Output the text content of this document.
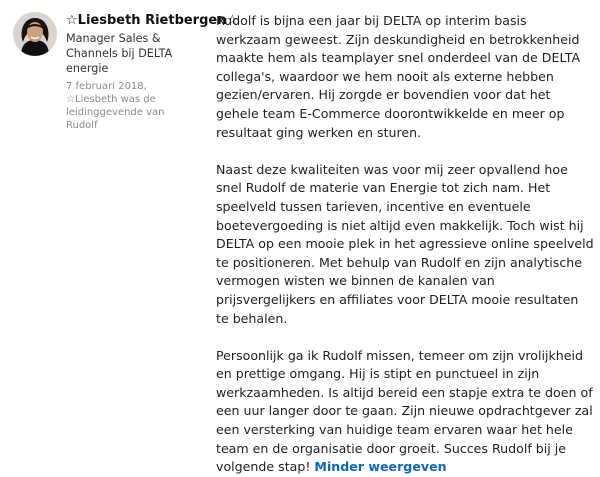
☆Liesbeth Rietbergen☆
Manager Sales & Channels bij DELTA energie
7 februari 2018, ☆Liesbeth was de leidinggevende van Rudolf

Rudolf is bijna een jaar bij DELTA op interim basis werkzaam geweest. Zijn deskundigheid en betrokkenheid maakte hem als teamplayer snel onderdeel van de DELTA collega's, waardoor we hem nooit als externe hebben gezien/ervaren. Hij zorgde er bovendien voor dat het gehele team E-Commerce doorontwikkelde en meer op resultaat ging werken en sturen.

Naast deze kwaliteiten was voor mij zeer opvallend hoe snel Rudolf de materie van Energie tot zich nam. Het speelveld tussen tarieven, incentive en eventuele boetevergoeding is niet altijd even makkelijk. Toch wist hij DELTA op een mooie plek in het agressieve online speelveld te positioneren. Met behulp van Rudolf en zijn analytische vermogen wisten we binnen de kanalen van prijsvergelijkers en affiliates voor DELTA mooie resultaten te behalen.

Persoonlijk ga ik Rudolf missen, temeer om zijn vrolijkheid en prettige omgang. Hij is stipt en punctueel in zijn werkzaamheden. Is altijd bereid een stapje extra te doen of een uur langer door te gaan. Zijn nieuwe opdrachtgever zal een versterking van huidige team ervaren waar het hele team en de organisatie door groeit. Succes Rudolf bij je volgende stap! Minder weergeven
